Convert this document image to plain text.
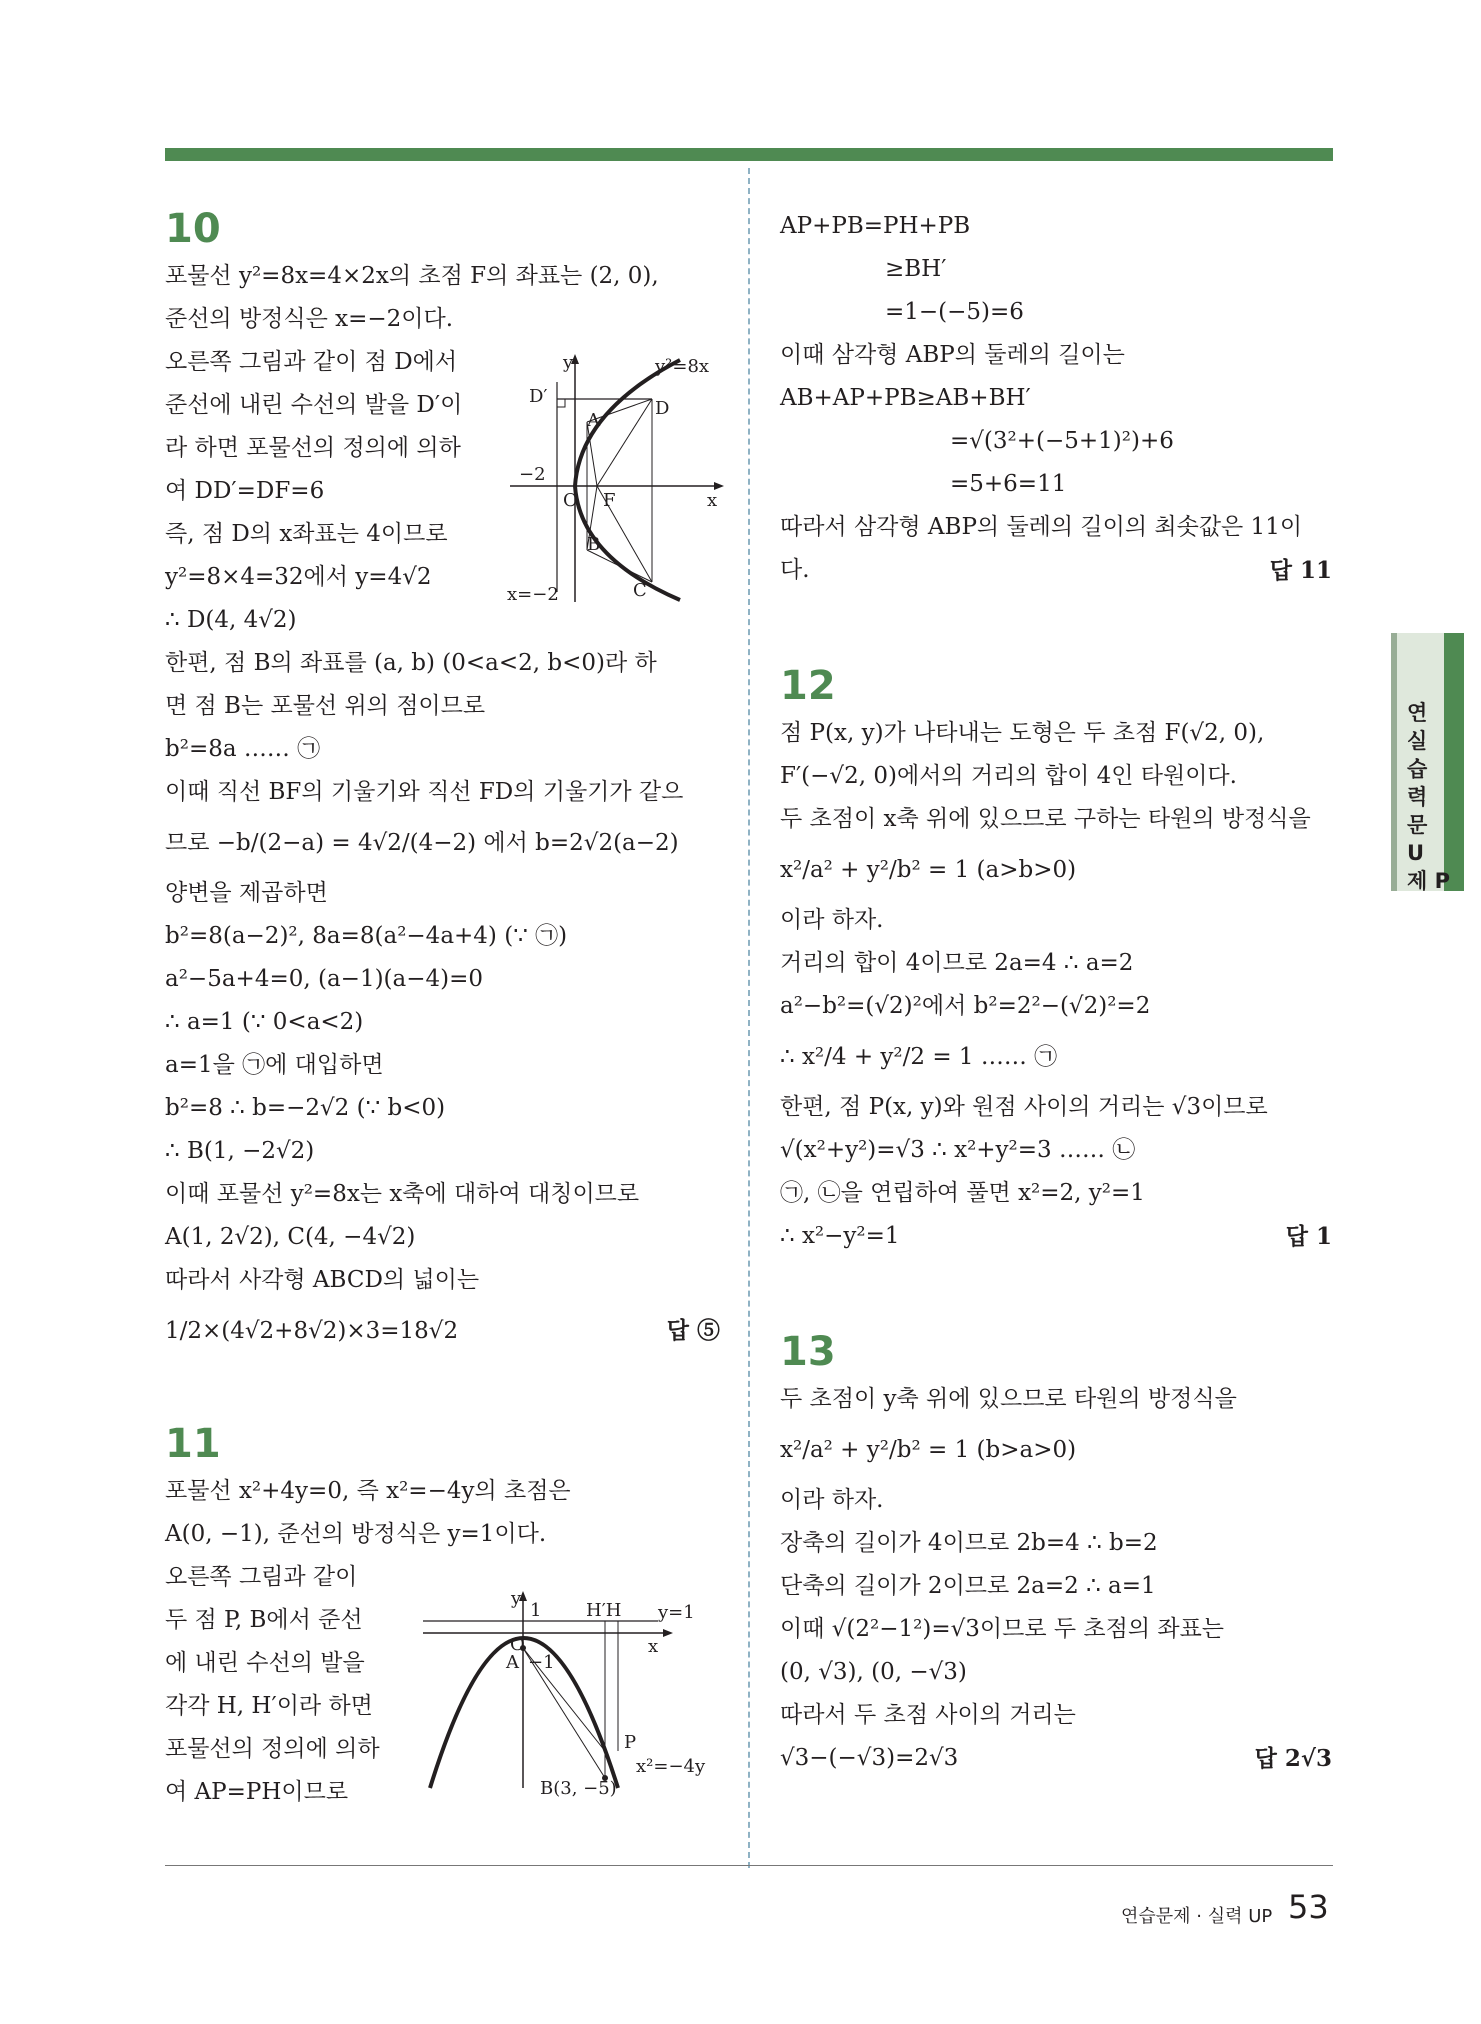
10
포물선 y²=8x=4×2x의 초점 F의 좌표는 (2, 0),
준선의 방정식은 x=−2이다.
오른쪽 그림과 같이 점 D에서
준선에 내린 수선의 발을 D′이
라 하면 포물선의 정의에 의하
여 DD′=DF=6
즉, 점 D의 x좌표는 4이므로
y²=8×4=32에서 y=4√2
∴ D(4, 4√2)
한편, 점 B의 좌표를 (a, b) (0<a<2, b<0)라 하
면 점 B는 포물선 위의 점이므로
b²=8a …… ㉠
이때 직선 BF의 기울기와 직선 FD의 기울기가 같으
므로 −b/(2−a) = 4√2/(4−2) 에서 b=2√2(a−2)
양변을 제곱하면
b²=8(a−2)², 8a=8(a²−4a+4) (∵ ㉠)
a²−5a+4=0, (a−1)(a−4)=0
∴ a=1 (∵ 0<a<2)
a=1을 ㉠에 대입하면
b²=8 ∴ b=−2√2 (∵ b<0)
∴ B(1, −2√2)
이때 포물선 y²=8x는 x축에 대하여 대칭이므로
A(1, 2√2), C(4, −4√2)
따라서 사각형 ABCD의 넓이는
1/2×(4√2+8√2)×3=18√2	답 ⑤
11
포물선 x²+4y=0, 즉 x²=−4y의 초점은
A(0, −1), 준선의 방정식은 y=1이다.
오른쪽 그림과 같이
두 점 P, B에서 준선
에 내린 수선의 발을
각각 H, H′이라 하면
포물선의 정의에 의하
여 AP=PH이므로
y	y²=8x
D′
D
A
−2
O F	x
B
C
x=−2
y
1 H′H y=1
O	x
A −1
P
x²=−4y
B(3, −5)
AP+PB=PH+PB
≥BH′
=1−(−5)=6
이때 삼각형 ABP의 둘레의 길이는
AB+AP+PB≥AB+BH′
=√(3²+(−5+1)²)+6
=5+6=11
따라서 삼각형 ABP의 둘레의 길이의 최솟값은 11이
다.	답 11
12
점 P(x, y)가 나타내는 도형은 두 초점 F(√2, 0),
F′(−√2, 0)에서의 거리의 합이 4인 타원이다.
두 초점이 x축 위에 있으므로 구하는 타원의 방정식을
x²/a² + y²/b² = 1 (a>b>0)
이라 하자.
거리의 합이 4이므로 2a=4 ∴ a=2
a²−b²=(√2)²에서 b²=2²−(√2)²=2
∴ x²/4 + y²/2 = 1 …… ㉠
한편, 점 P(x, y)와 원점 사이의 거리는 √3이므로
√(x²+y²)=√3 ∴ x²+y²=3 …… ㉡
㉠, ㉡을 연립하여 풀면 x²=2, y²=1
∴ x²−y²=1	답 1
13
두 초점이 y축 위에 있으므로 타원의 방정식을
x²/a² + y²/b² = 1 (b>a>0)
이라 하자.
장축의 길이가 4이므로 2b=4 ∴ b=2
단축의 길이가 2이므로 2a=2 ∴ a=1
이때 √(2²−1²)=√3이므로 두 초점의 좌표는
(0, √3), (0, −√3)
따라서 두 초점 사이의 거리는
√3−(−√3)=2√3	답 2√3
연 실 습 력 문 U 제 P
연습문제 · 실력 UP 53
